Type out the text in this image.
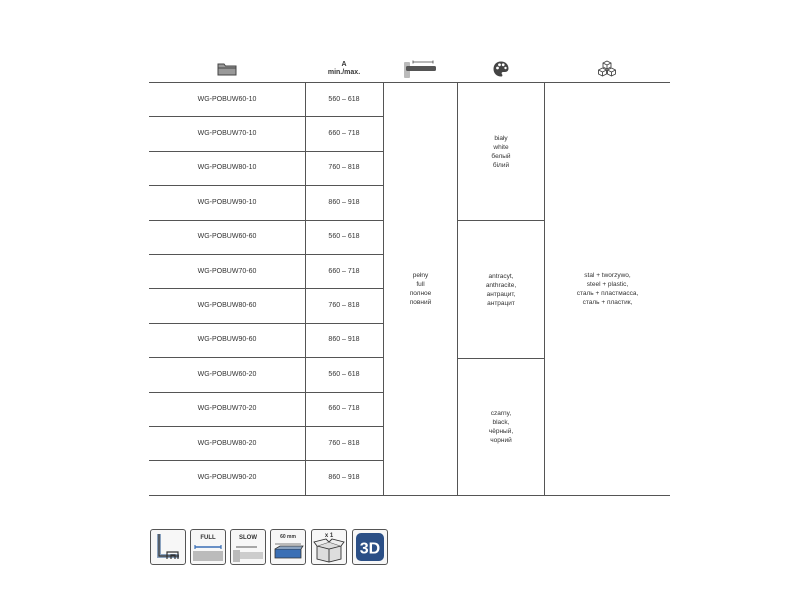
A
min./max.
WG-POBUW60-10	560 – 618
WG-POBUW70-10	660 – 718
WG-POBUW80-10	760 – 818
WG-POBUW90-10	860 – 918
WG-POBUW60-60	560 – 618
WG-POBUW70-60	660 – 718
WG-POBUW80-60	760 – 818
WG-POBUW90-60	860 – 918
WG-POBUW60-20	560 – 618
WG-POBUW70-20	660 – 718
WG-POBUW80-20	760 – 818
WG-POBUW90-20	860 – 918
pełny
full
полное
повний
biały
white
белый
білий
antracyt,
anthracite,
антрацит,
антрацит
czarny,
black,
чёрный,
чорний
stal + tworzywo,
steel + plastic,
сталь + пластмасса,
сталь + пластик,
FULL	SLOW	60 mm	x 1
3D
